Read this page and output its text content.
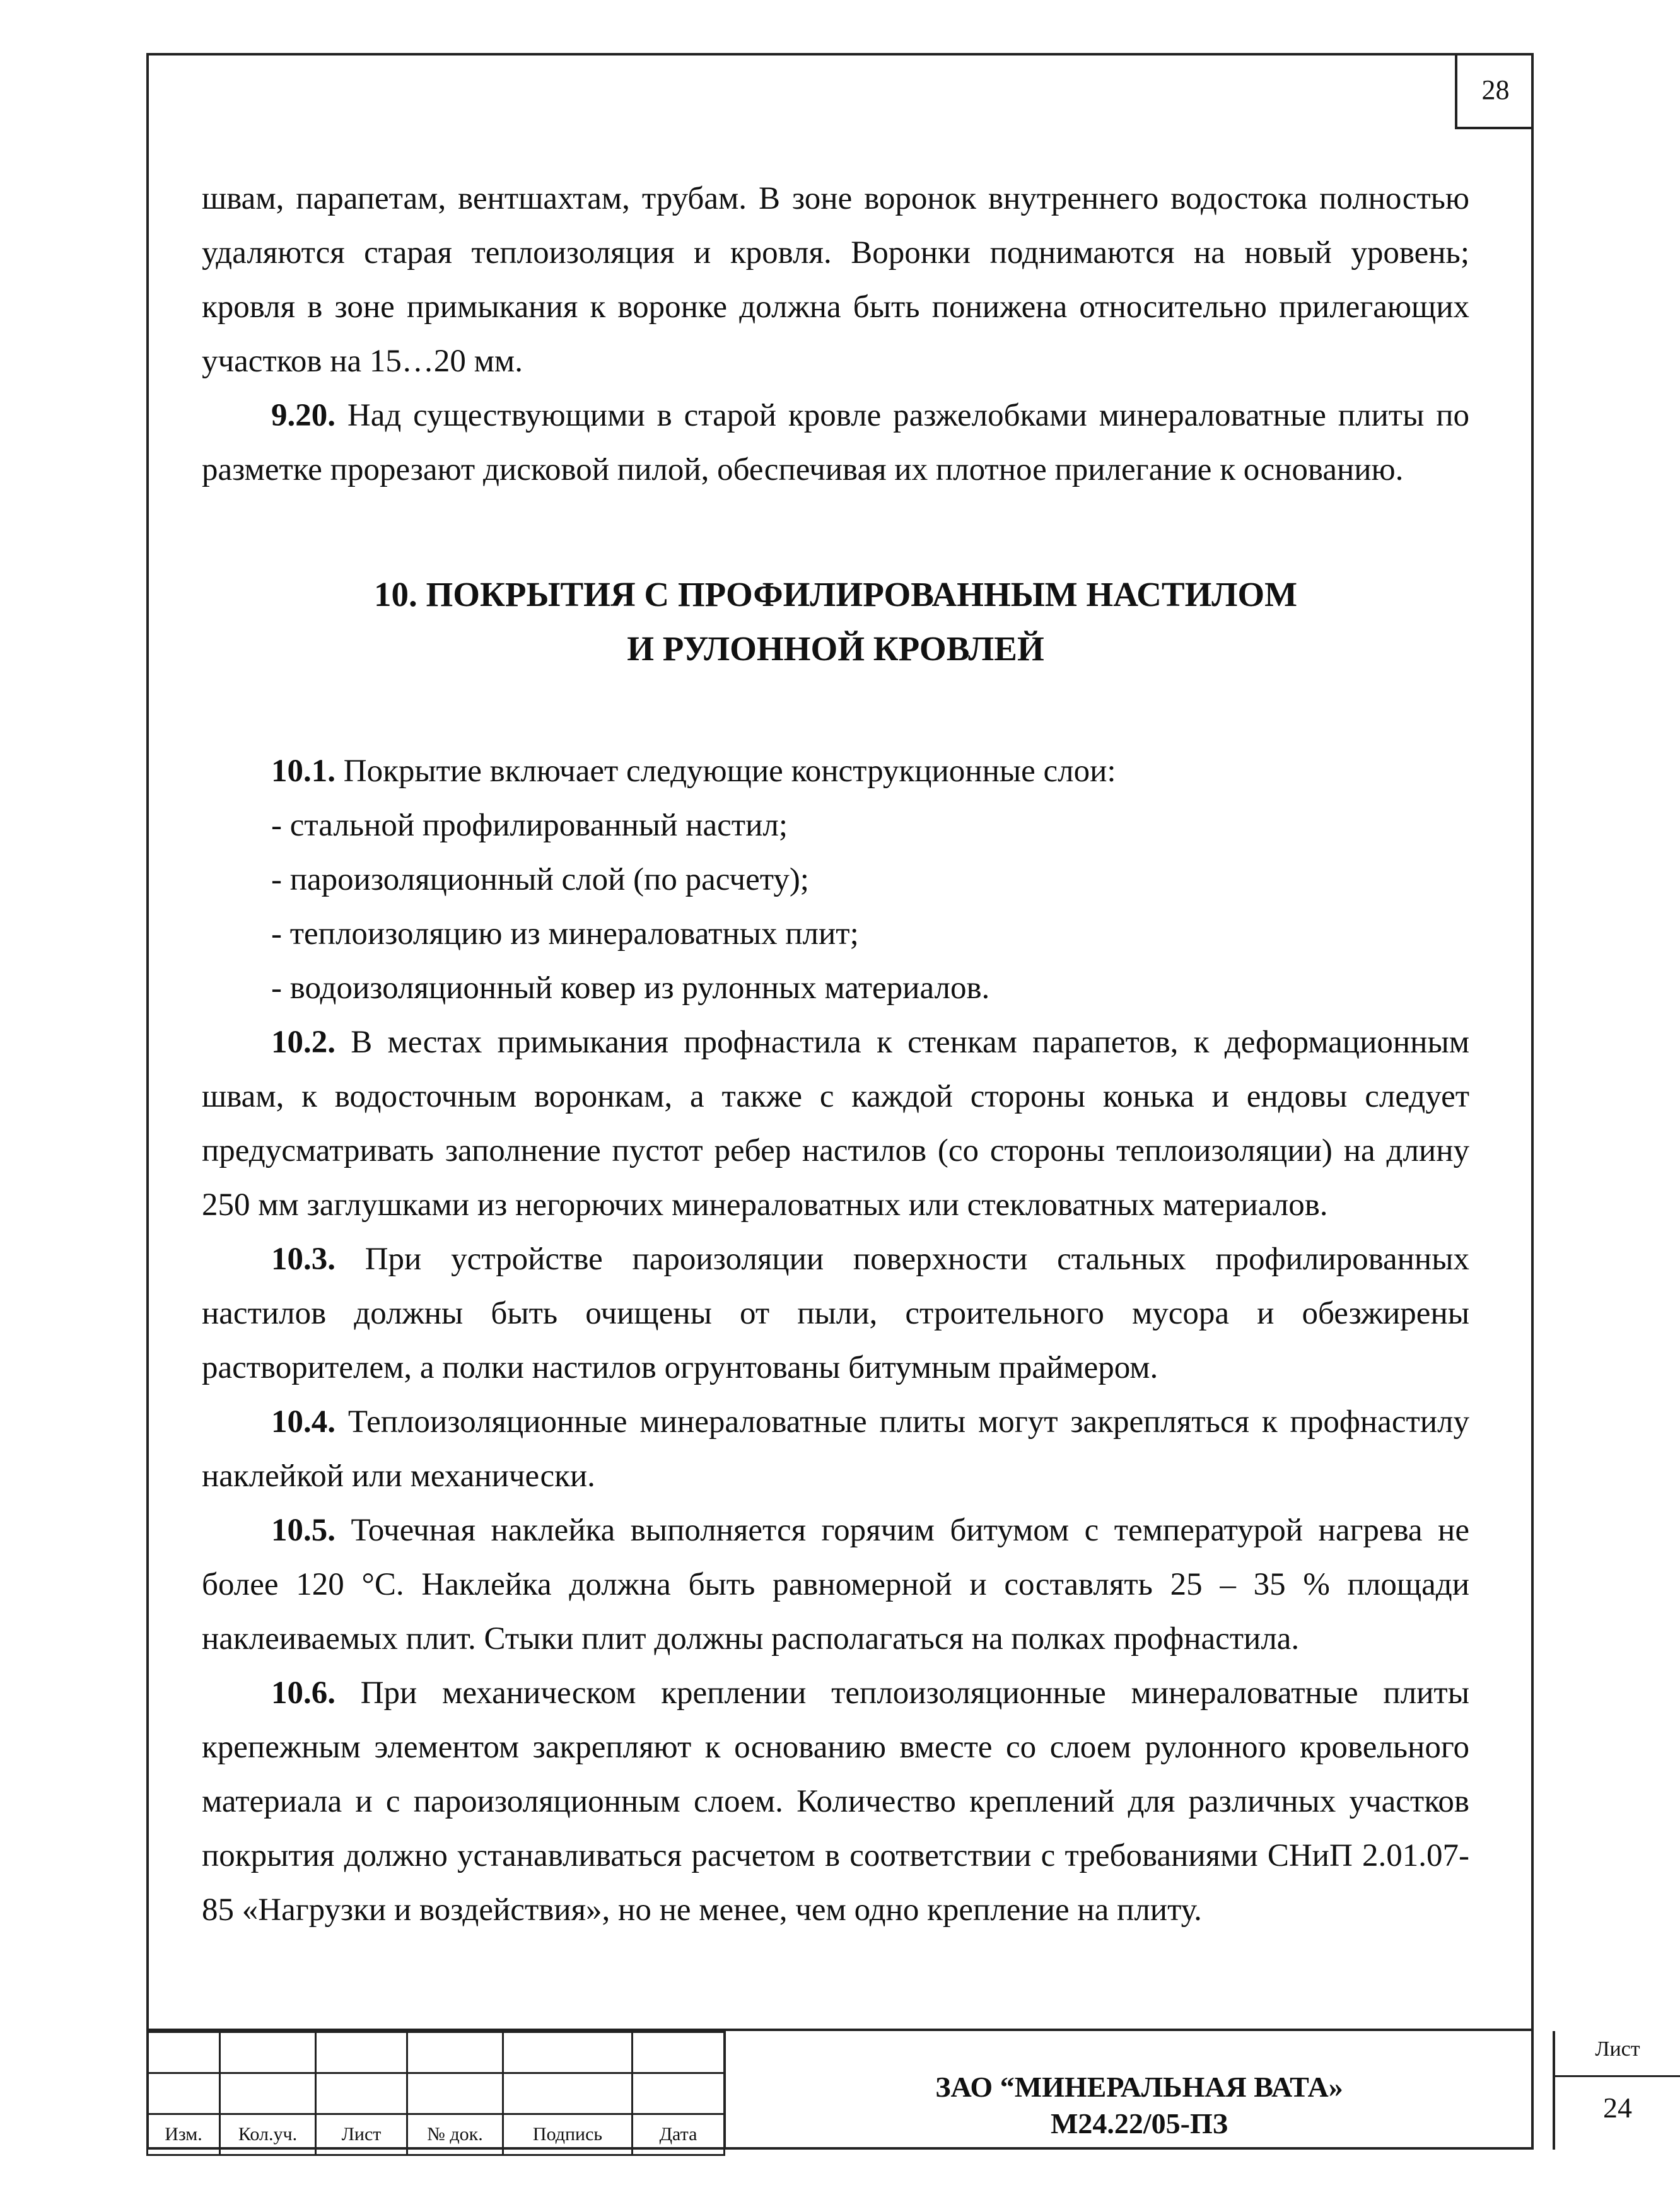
28

швам, парапетам, вентшахтам, трубам. В зоне воронок внутреннего водостока полностью удаляются старая теплоизоляция и кровля. Воронки поднимаются на новый уровень; кровля в зоне примыкания к воронке должна быть понижена относительно прилегающих участков на 15…20 мм.

9.20. Над существующими в старой кровле разжелобками минераловатные плиты по разметке прорезают дисковой пилой, обеспечивая их плотное прилегание к основанию.

10. ПОКРЫТИЯ С ПРОФИЛИРОВАННЫМ НАСТИЛОМ
И РУЛОННОЙ КРОВЛЕЙ

10.1. Покрытие включает следующие конструкционные слои:

- стальной профилированный настил;
- пароизоляционный слой (по расчету);
- теплоизоляцию из минераловатных плит;
- водоизоляционный ковер из рулонных материалов.

10.2. В местах примыкания профнастила к стенкам парапетов, к деформационным швам, к водосточным воронкам, а также с каждой стороны конька и ендовы следует предусматривать заполнение пустот ребер настилов (со стороны теплоизоляции) на длину 250 мм заглушками из негорючих минераловатных или стекловатных материалов.

10.3. При устройстве пароизоляции поверхности стальных профилированных настилов должны быть очищены от пыли, строительного мусора и обезжирены растворителем, а полки настилов огрунтованы битумным праймером.

10.4. Теплоизоляционные минераловатные плиты могут закрепляться к профнастилу наклейкой или механически.

10.5. Точечная наклейка выполняется горячим битумом с температурой нагрева не более 120 °С. Наклейка должна быть равномерной и составлять 25 – 35 % площади наклеиваемых плит. Стыки плит должны располагаться на полках профнастила.

10.6. При механическом креплении теплоизоляционные минераловатные плиты крепежным элементом закрепляют к основанию вместе со слоем рулонного кровельного материала и с пароизоляционным слоем. Количество креплений для различных участков покрытия должно устанавливаться расчетом в соответствии с требованиями СНиП 2.01.07-85 «Нагрузки и воздействия», но не менее, чем одно крепление на плиту.

Изм.	Кол.уч.	Лист	№ док.	Подпись	Дата
ЗАО “МИНЕРАЛЬНАЯ ВАТА»
М24.22/05-ПЗ
Лист
24
